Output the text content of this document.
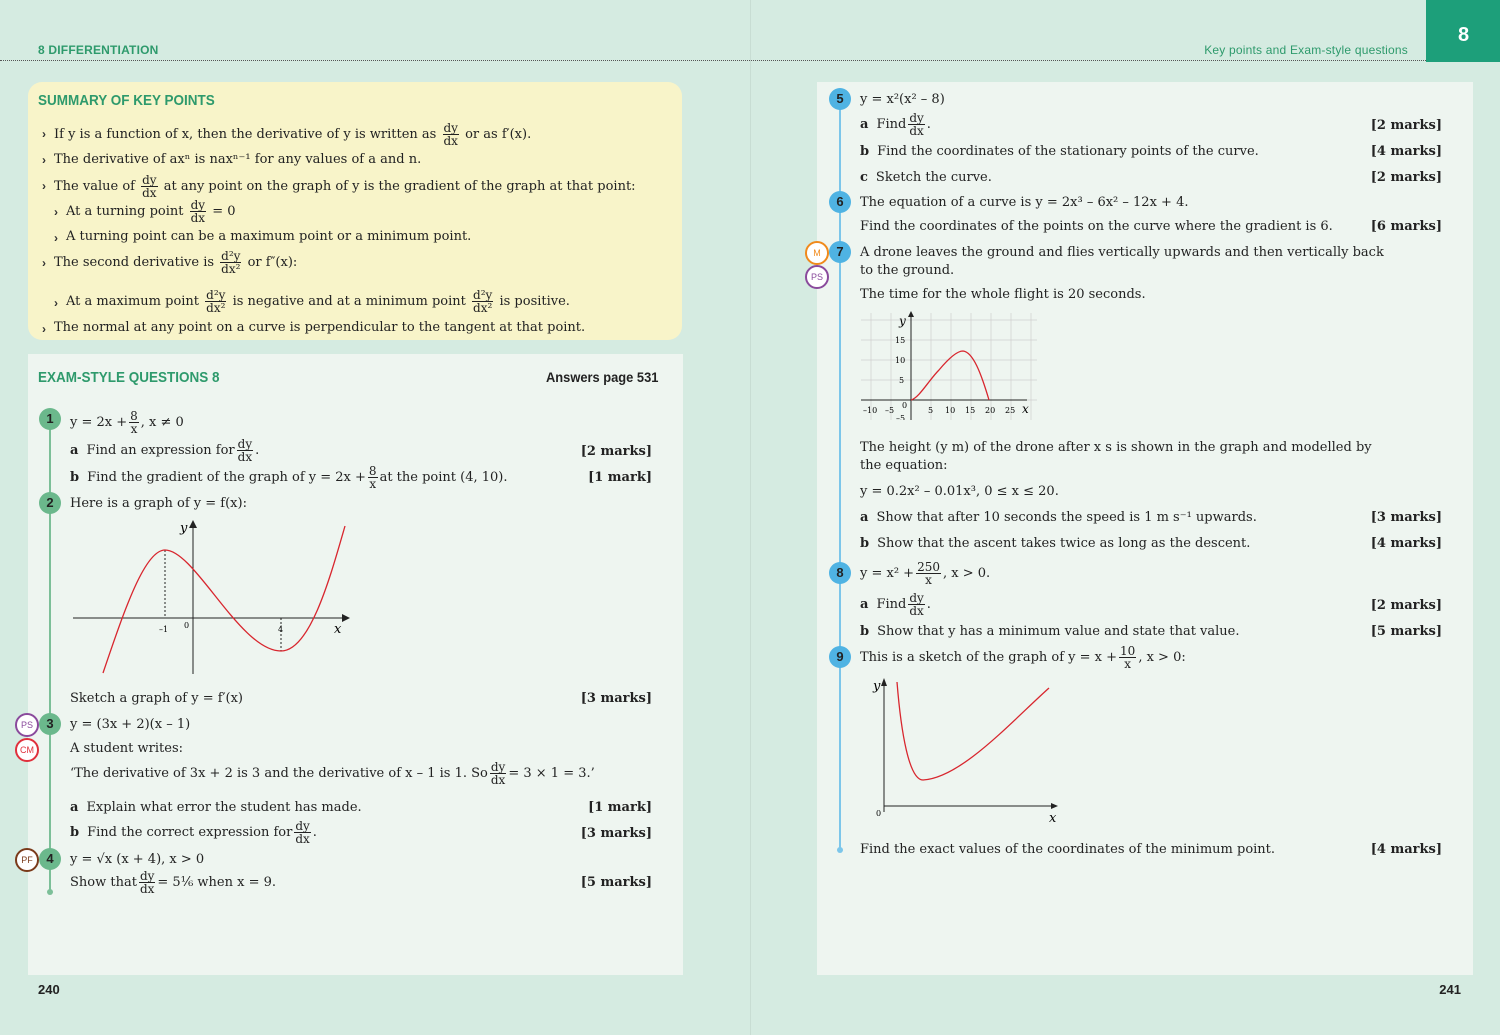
8 DIFFERENTIATION
SUMMARY OF KEY POINTS
› If y is a function of x, then the derivative of y is written as $\frac{dy}{dx}$ or as f′(x).
› The derivative of axⁿ is naxⁿ⁻¹ for any values of a and n.
› The value of $\frac{dy}{dx}$ at any point on the graph of y is the gradient of the graph at that point:
› At a turning point $\frac{dy}{dx} = 0$
› A turning point can be a maximum point or a minimum point.
› The second derivative is $\frac{\text{d²y}}{\text{dx²}}$ or f″(x):
› At a maximum point $\frac{\text{d²y}}{\text{dx²}}$ is negative and at a minimum point $\frac{\text{d²y}}{\text{dx²}}$ is positive.
› The normal at any point on a curve is perpendicular to the tangent at that point.
EXAM-STYLE QUESTIONS 8	Answers page 531
1	$y = 2x + \frac{8}{x}$ , x ≠ 0
a Find an expression for $\frac{dy}{dx}$ .	[2 marks]
b Find the gradient of the graph of $y = 2x + \frac{8}{x}$ at the point (4, 10).	[1 mark]
2	Here is a graph of y = f(x):
y
x
0
–1	4
Sketch a graph of y = f′(x)	[3 marks]
PS
CM
3	y = (3x + 2)(x – 1)
A student writes:
‘The derivative of 3x + 2 is 3 and the derivative of x – 1 is 1. So $\frac{dy}{dx} = 3 \times 1 = 3$.’
a Explain what error the student has made.	[1 mark]
b Find the correct expression for $\frac{dy}{dx}$ .	[3 marks]
PF	4	y = √x (x + 4), x > 0
Show that $\frac{dy}{dx}$ = 5⅙ when x = 9.	[5 marks]
240
Key points and Exam-style questions
8
5	y = x²(x² – 8)
a Find $\frac{dy}{dx}$ .	[2 marks]
b Find the coordinates of the stationary points of the curve.	[4 marks]
c Sketch the curve.	[2 marks]
6	The equation of a curve is y = 2x³ – 6x² – 12x + 4.
Find the coordinates of the points on the curve where the gradient is 6.	[6 marks]
M
PS
7	A drone leaves the ground and flies vertically upwards and then vertically back
to the ground.
The time for the whole flight is 20 seconds.
y
x
15
10
5
–5
–10 –5
0
5 10 15 20 25
The height (y m) of the drone after x s is shown in the graph and modelled by
the equation:
y = 0.2x² – 0.01x³, 0 ≤ x ≤ 20.
a Show that after 10 seconds the speed is 1 m s⁻¹ upwards.	[3 marks]
b Show that the ascent takes twice as long as the descent.	[4 marks]
8	$y = x^2 + \frac{250}{x}$ , x > 0.
a Find $\frac{dy}{dx}$ .	[2 marks]
b Show that y has a minimum value and state that value.	[5 marks]
9	This is a sketch of the graph of $y = x + \frac{10}{x}$ , x > 0:
y
x
0
Find the exact values of the coordinates of the minimum point.	[4 marks]
241
